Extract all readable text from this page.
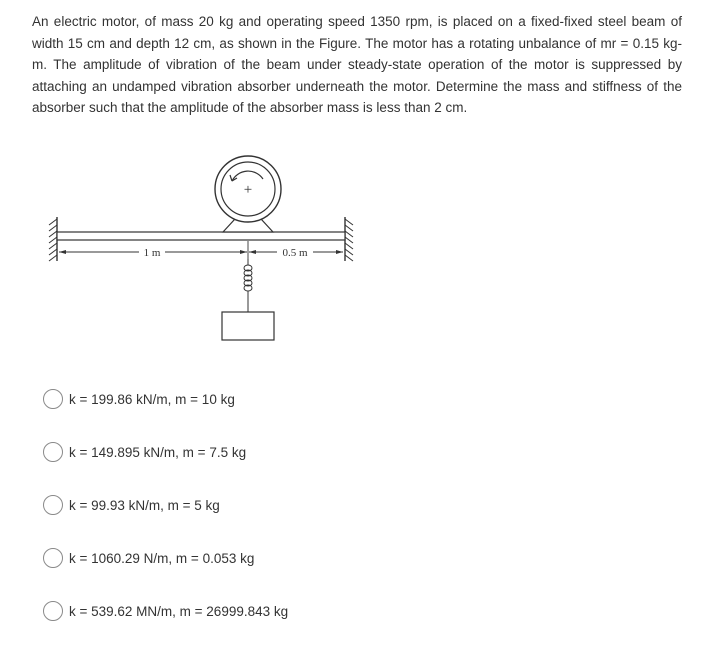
An electric motor, of mass 20 kg and operating speed 1350 rpm, is placed on a fixed-fixed steel beam of width 15 cm and depth 12 cm, as shown in the Figure. The motor has a rotating unbalance of mr = 0.15 kg-m. The amplitude of vibration of the beam under steady-state operation of the motor is suppressed by attaching an undamped vibration absorber underneath the motor. Determine the mass and stiffness of the absorber such that the amplitude of the absorber mass is less than 2 cm.

+
1 m	0.5 m
k = 199.86 kN/m, m = 10 kg
k = 149.895 kN/m, m = 7.5 kg
k = 99.93 kN/m, m = 5 kg
k = 1060.29 N/m, m = 0.053 kg
k = 539.62 MN/m, m = 26999.843 kg
